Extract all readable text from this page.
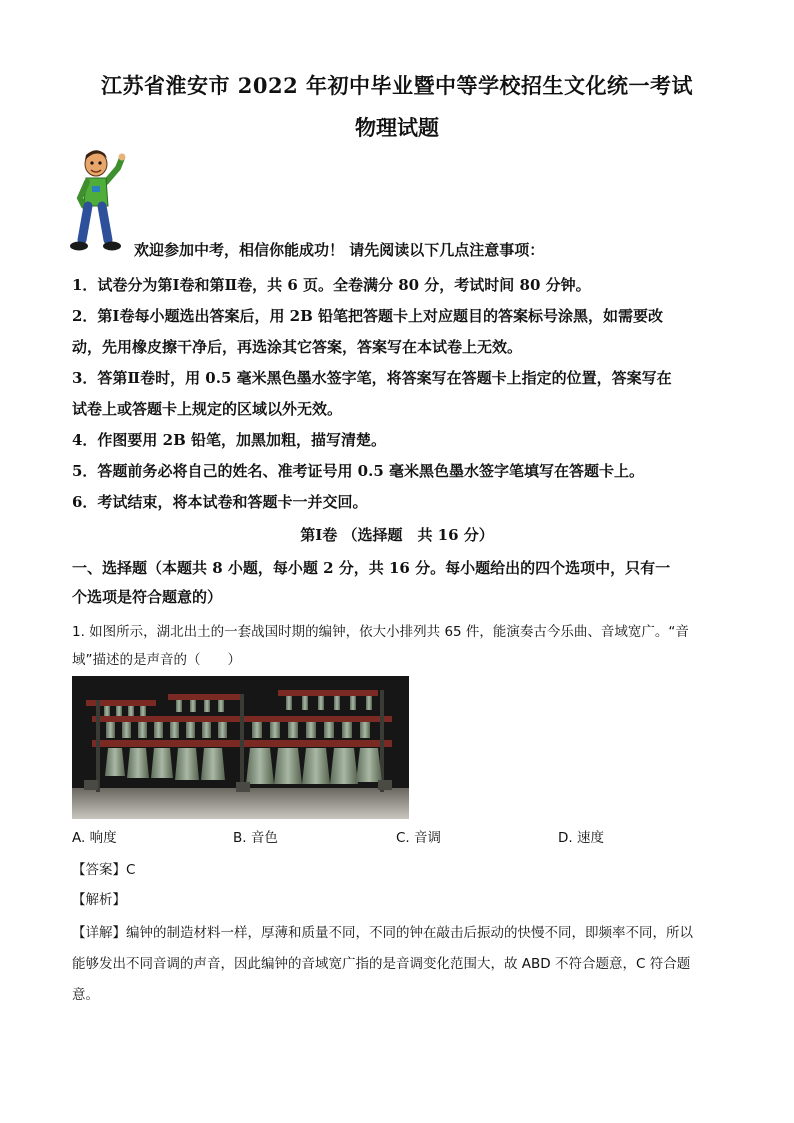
江苏省淮安市 2022 年初中毕业暨中等学校招生文化统一考试
物理试题
欢迎参加中考，相信你能成功！ 请先阅读以下几点注意事项：

1．试卷分为第Ⅰ卷和第Ⅱ卷，共 6 页。全卷满分 80 分，考试时间 80 分钟。

2．第Ⅰ卷每小题选出答案后，用 2B 铅笔把答题卡上对应题目的答案标号涂黑，如需要改

动，先用橡皮擦干净后，再选涂其它答案，答案写在本试卷上无效。

3．答第Ⅱ卷时，用 0.5 毫米黑色墨水签字笔，将答案写在答题卡上指定的位置，答案写在

试卷上或答题卡上规定的区域以外无效。

4．作图要用 2B 铅笔，加黑加粗，描写清楚。

5．答题前务必将自己的姓名、准考证号用 0.5 毫米黑色墨水签字笔填写在答题卡上。

6．考试结束，将本试卷和答题卡一并交回。

第Ⅰ卷 （选择题　共 16 分）

一、选择题（本题共 8 小题，每小题 2 分，共 16 分。每小题给出的四个选项中，只有一

个选项是符合题意的）

1. 如图所示，湖北出土的一套战国时期的编钟，依大小排列共 65 件，能演奏古今乐曲、音域宽广。“音

域”描述的是声音的（　　）

A. 响度	B. 音色	C. 音调	D. 速度
【答案】C
【解析】

【详解】编钟的制造材料一样，厚薄和质量不同，不同的钟在敲击后振动的快慢不同，即频率不同，所以

能够发出不同音调的声音，因此编钟的音域宽广指的是音调变化范围大，故 ABD 不符合题意，C 符合题

意。
